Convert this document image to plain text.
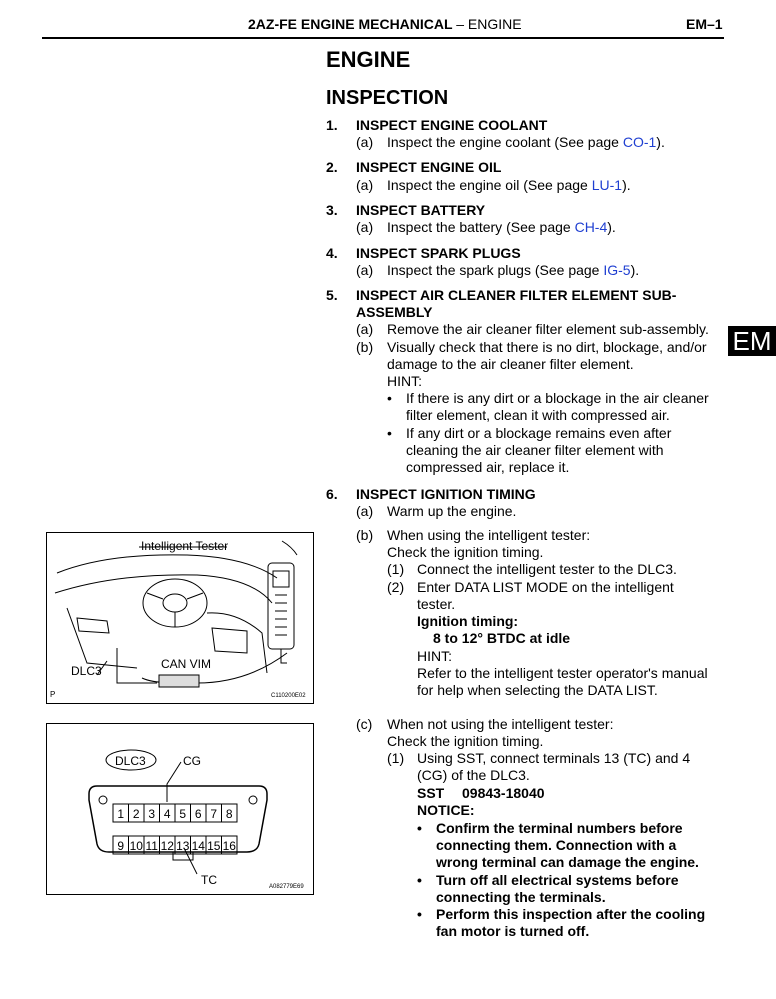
2AZ-FE ENGINE MECHANICAL – ENGINE	EM–1
ENGINE
INSPECTION
EM
1. INSPECT ENGINE COOLANT
(a) Inspect the engine coolant (See page CO-1).
2. INSPECT ENGINE OIL
(a) Inspect the engine oil (See page LU-1).
3. INSPECT BATTERY
(a) Inspect the battery (See page CH-4).
4. INSPECT SPARK PLUGS
(a) Inspect the spark plugs (See page IG-5).
5. INSPECT AIR CLEANER FILTER ELEMENT SUB-
ASSEMBLY
(a) Remove the air cleaner filter element sub-assembly.
(b) Visually check that there is no dirt, blockage, and/or
damage to the air cleaner filter element.
HINT:
• If there is any dirt or a blockage in the air cleaner
filter element, clean it with compressed air.
• If any dirt or a blockage remains even after
cleaning the air cleaner filter element with
compressed air, replace it.
6. INSPECT IGNITION TIMING
(a) Warm up the engine.
(b) When using the intelligent tester:
Check the ignition timing.
(1) Connect the intelligent tester to the DLC3.
(2) Enter DATA LIST MODE on the intelligent
tester.
Ignition timing:
8 to 12° BTDC at idle
HINT:
Refer to the intelligent tester operator's manual
for help when selecting the DATA LIST.
(c) When not using the intelligent tester:
Check the ignition timing.
(1) Using SST, connect terminals 13 (TC) and 4
(CG) of the DLC3.
SST 09843-18040
NOTICE:
• Confirm the terminal numbers before
connecting them. Connection with a
wrong terminal can damage the engine.
• Turn off all electrical systems before
connecting the terminals.
• Perform this inspection after the cooling
fan motor is turned off.
Intelligent Tester
DLC3	CAN VIM
P	C110200E02
DLC3
1 2 3 4 5 6 7 8
9 10 11 12 13 14 15 16
CG
TC	A082779E69
